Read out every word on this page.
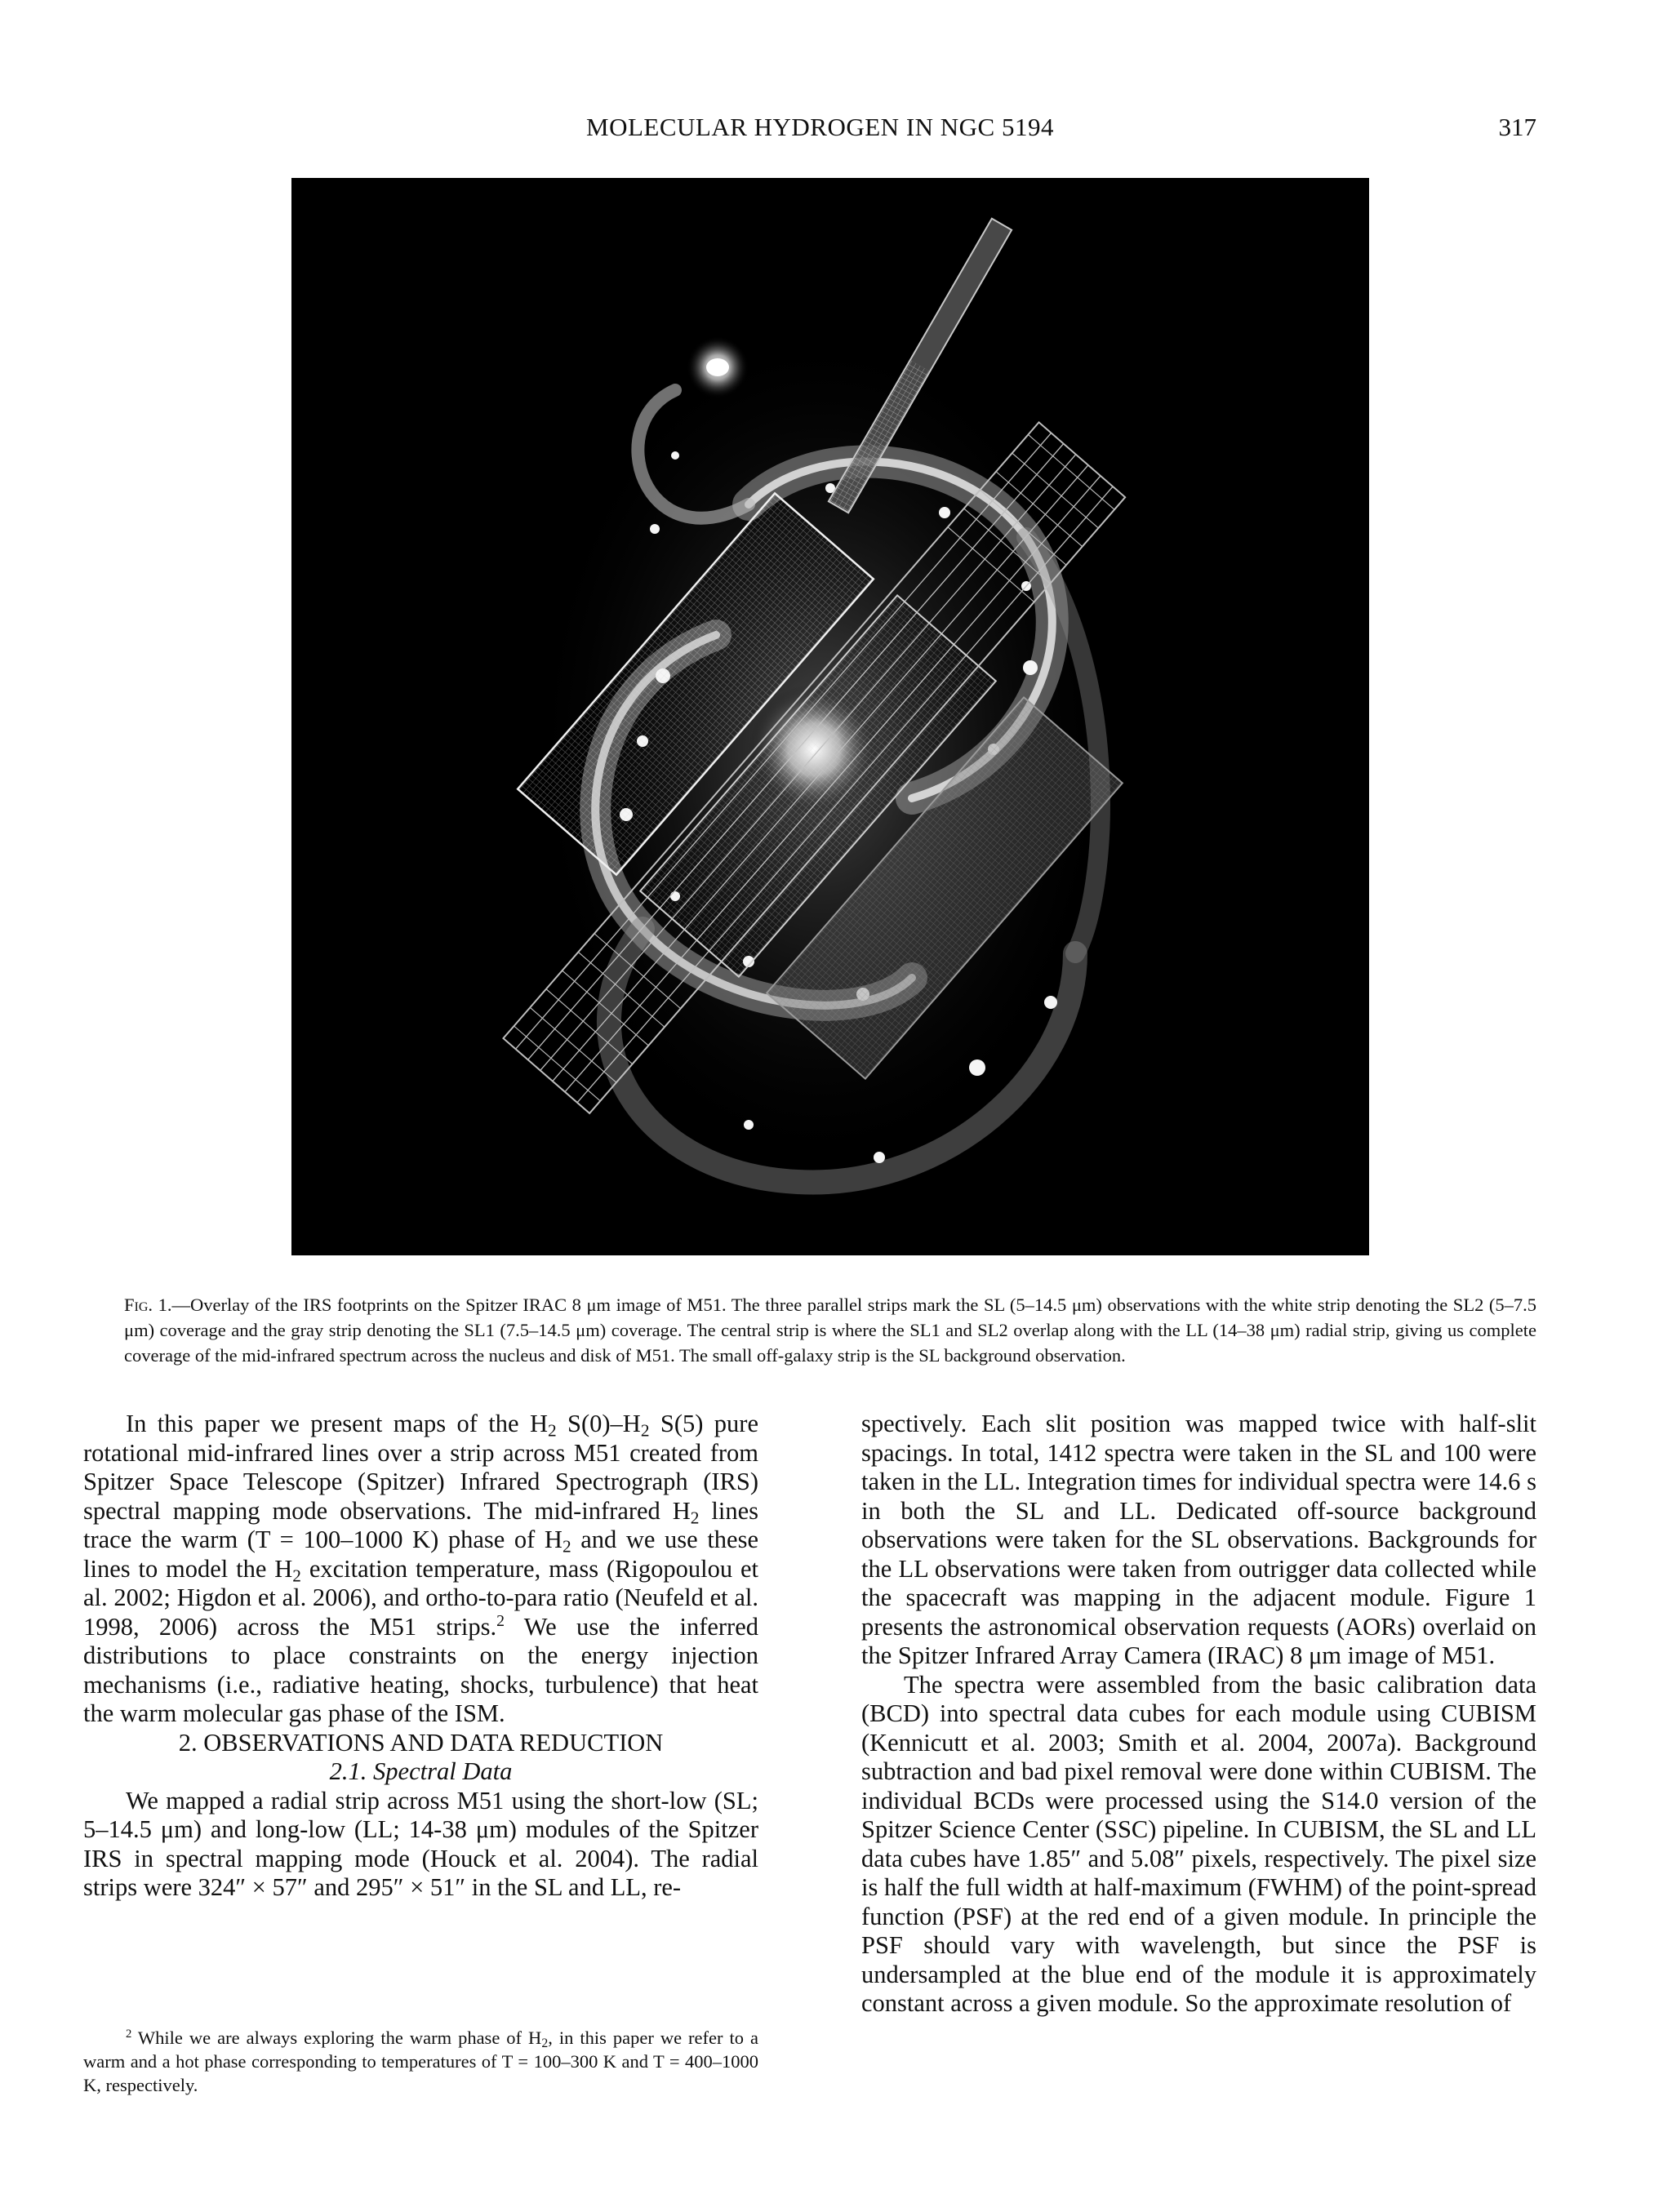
MOLECULAR HYDROGEN IN NGC 5194	317
Fig. 1.—Overlay of the IRS footprints on the Spitzer IRAC 8 μm image of M51. The three parallel strips mark the SL (5–14.5 μm) observations with the white strip denoting the SL2 (5–7.5 μm) coverage and the gray strip denoting the SL1 (7.5–14.5 μm) coverage. The central strip is where the SL1 and SL2 overlap along with the LL (14–38 μm) radial strip, giving us complete coverage of the mid-infrared spectrum across the nucleus and disk of M51. The small off-galaxy strip is the SL background observation.

In this paper we present maps of the $H_2$ $S(0)-H_2$ S(5) pure rotational mid-infrared lines over a strip across M51 created from Spitzer Space Telescope (Spitzer) Infrared Spectrograph (IRS) spectral mapping mode observations. The mid-infrared $H_2$ lines trace the warm (T = 100–1000 K) phase of $H_2$ and we use these lines to model the $H_2$ excitation temperature, mass (Rigopoulou et al. 2002; Higdon et al. 2006), and ortho-to-para ratio (Neufeld et al. 1998, 2006) across the M51 strips.$^2$ We use the inferred distributions to place constraints on the energy injection mechanisms (i.e., radiative heating, shocks, turbulence) that heat the warm molecular gas phase of the ISM.

2. OBSERVATIONS AND DATA REDUCTION

2.1. Spectral Data

We mapped a radial strip across M51 using the short-low (SL; 5–14.5 μm) and long-low (LL; 14-38 μm) modules of the Spitzer IRS in spectral mapping mode (Houck et al. 2004). The radial strips were 324″ × 57″ and 295″ × 51″ in the SL and LL, re-

$^2$ While we are always exploring the warm phase of $H_2$, in this paper we refer to a warm and a hot phase corresponding to temperatures of T = 100–300 K and T = 400–1000 K, respectively.

spectively. Each slit position was mapped twice with half-slit spacings. In total, 1412 spectra were taken in the SL and 100 were taken in the LL. Integration times for individual spectra were 14.6 s in both the SL and LL. Dedicated off-source background observations were taken for the SL observations. Backgrounds for the LL observations were taken from outrigger data collected while the spacecraft was mapping in the adjacent module. Figure 1 presents the astronomical observation requests (AORs) overlaid on the Spitzer Infrared Array Camera (IRAC) 8 μm image of M51.

The spectra were assembled from the basic calibration data (BCD) into spectral data cubes for each module using CUBISM (Kennicutt et al. 2003; Smith et al. 2004, 2007a). Background subtraction and bad pixel removal were done within CUBISM. The individual BCDs were processed using the S14.0 version of the Spitzer Science Center (SSC) pipeline. In CUBISM, the SL and LL data cubes have 1.85″ and 5.08″ pixels, respectively. The pixel size is half the full width at half-maximum (FWHM) of the point-spread function (PSF) at the red end of a given module. In principle the PSF should vary with wavelength, but since the PSF is undersampled at the blue end of the module it is approximately constant across a given module. So the approximate resolution of
